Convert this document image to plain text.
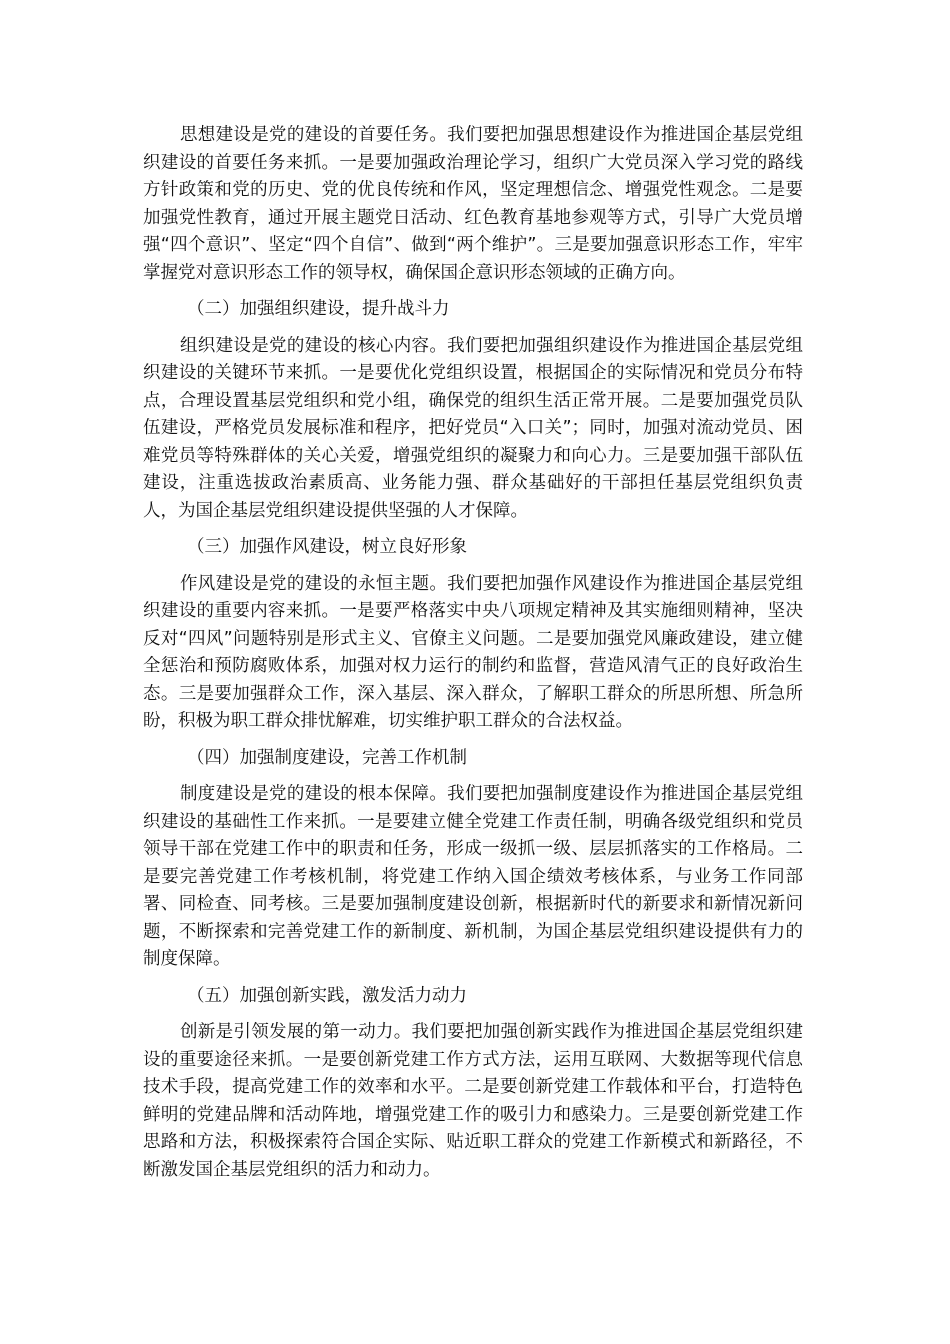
思想建设是党的建设的首要任务。我们要把加强思想建设作为推进国企基层党组织建设的首要任务来抓。一是要加强政治理论学习，组织广大党员深入学习党的路线方针政策和党的历史、党的优良传统和作风，坚定理想信念、增强党性观念。二是要加强党性教育，通过开展主题党日活动、红色教育基地参观等方式，引导广大党员增强“四个意识”、坚定“四个自信”、做到“两个维护”。三是要加强意识形态工作，牢牢掌握党对意识形态工作的领导权，确保国企意识形态领域的正确方向。

（二）加强组织建设，提升战斗力

组织建设是党的建设的核心内容。我们要把加强组织建设作为推进国企基层党组织建设的关键环节来抓。一是要优化党组织设置，根据国企的实际情况和党员分布特点，合理设置基层党组织和党小组，确保党的组织生活正常开展。二是要加强党员队伍建设，严格党员发展标准和程序，把好党员“入口关”；同时，加强对流动党员、困难党员等特殊群体的关心关爱，增强党组织的凝聚力和向心力。三是要加强干部队伍建设，注重选拔政治素质高、业务能力强、群众基础好的干部担任基层党组织负责人，为国企基层党组织建设提供坚强的人才保障。

（三）加强作风建设，树立良好形象

作风建设是党的建设的永恒主题。我们要把加强作风建设作为推进国企基层党组织建设的重要内容来抓。一是要严格落实中央八项规定精神及其实施细则精神，坚决反对“四风”问题特别是形式主义、官僚主义问题。二是要加强党风廉政建设，建立健全惩治和预防腐败体系，加强对权力运行的制约和监督，营造风清气正的良好政治生态。三是要加强群众工作，深入基层、深入群众，了解职工群众的所思所想、所急所盼，积极为职工群众排忧解难，切实维护职工群众的合法权益。

（四）加强制度建设，完善工作机制

制度建设是党的建设的根本保障。我们要把加强制度建设作为推进国企基层党组织建设的基础性工作来抓。一是要建立健全党建工作责任制，明确各级党组织和党员领导干部在党建工作中的职责和任务，形成一级抓一级、层层抓落实的工作格局。二是要完善党建工作考核机制，将党建工作纳入国企绩效考核体系，与业务工作同部署、同检查、同考核。三是要加强制度建设创新，根据新时代的新要求和新情况新问题，不断探索和完善党建工作的新制度、新机制，为国企基层党组织建设提供有力的制度保障。

（五）加强创新实践，激发活力动力

创新是引领发展的第一动力。我们要把加强创新实践作为推进国企基层党组织建设的重要途径来抓。一是要创新党建工作方式方法，运用互联网、大数据等现代信息技术手段，提高党建工作的效率和水平。二是要创新党建工作载体和平台，打造特色鲜明的党建品牌和活动阵地，增强党建工作的吸引力和感染力。三是要创新党建工作思路和方法，积极探索符合国企实际、贴近职工群众的党建工作新模式和新路径，不断激发国企基层党组织的活力和动力。
